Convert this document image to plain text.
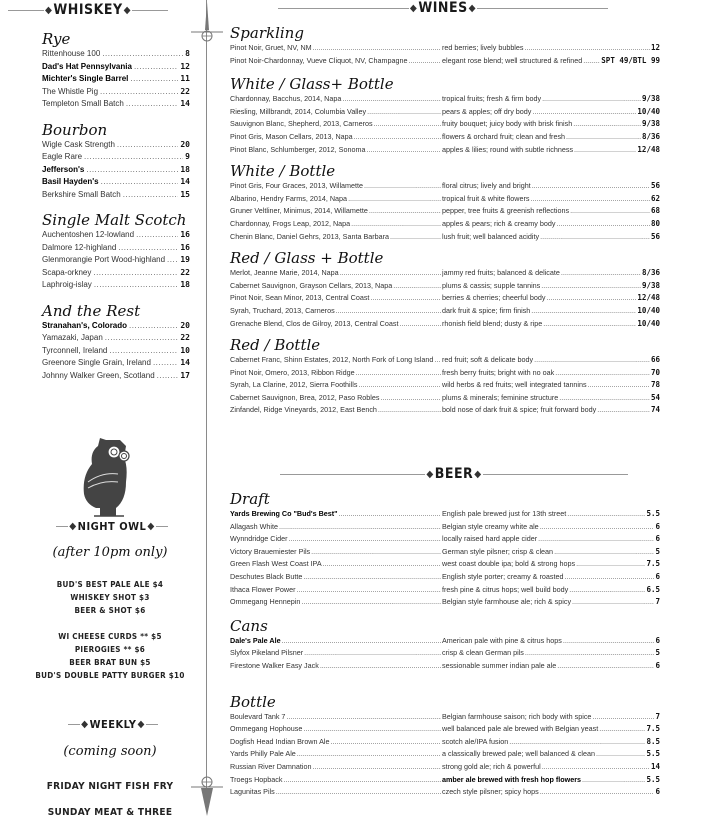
◆ WHISKEY ◆
Rye
Rittenhouse 100 .....	8
Dad's Hat Pennsylvania .....	12
Michter's Single Barrel .....	11
The Whistle Pig .....	22
Templeton Small Batch .....	14
Bourbon
Wigle Cask Strength .....	20
Eagle Rare .....	9
Jefferson's .....	18
Basil Hayden's .....	14
Berkshire Small Batch .....	15
Single Malt Scotch
Auchentoshen 12-lowland .....	16
Dalmore 12-highland .....	16
Glenmorangie Port Wood-highland ..... 19
Scapa-orkney .....	22
Laphroig-islay .....	18
And the Rest
Stranahan's, Colorado .....	20
Yamazaki, Japan .....	22
Tyrconnell, Ireland .....	10
Greenore Single Grain, Ireland .....	14
Johnny Walker Green, Scotland .....	17
◆ NIGHT OWL ◆
(after 10pm only)
BUD'S BEST PALE ALE $4
WHISKEY SHOT $3
BEER & SHOT $6
WI CHEESE CURDS ** $5
PIEROGIES ** $6
BEER BRAT BUN $5
BUD'S DOUBLE PATTY BURGER $10
◆ WEEKLY ◆
(coming soon)
FRIDAY NIGHT FISH FRY
SUNDAY MEAT & THREE
◆ WINES ◆
Sparkling
Pinot Noir, Gruet, NV, NM .....	red berries; lively bubbles .....	12
Pinot Noir-Chardonnay, Vueve Cliquot, NV, Champagne .....	elegant rose blend; well structured & refined .....	SPT 49/BTL 99
White / Glass+ Bottle
Chardonnay, Bacchus, 2014, Napa .....	tropical fruits; fresh & firm body .....	9/38
Riesling, Millbrandt, 2014, Columbia Valley .....	pears & apples; off dry body .....	10/40
Sauvignon Blanc, Shepherd, 2013, Carneros .....	fruity bouquet; juicy body with brisk finish .....	9/38
Pinot Gris, Mason Cellars, 2013, Napa .....	flowers & orchard fruit; clean and fresh .....	8/36
Pinot Blanc, Schlumberger, 2012, Sonoma .....	apples & lilies; round with subtle richness .....	12/48
White / Bottle
Pinot Gris, Four Graces, 2013, Willamette .....	floral citrus; lively and bright .....	56
Albarino, Hendry Farms, 2014, Napa .....	tropical fruit & white flowers .....	62
Gruner Veltliner, Minimus, 2014, Willamette .....	pepper, tree fruits & greenish reflections .....	68
Chardonnay, Frogs Leap, 2012, Napa .....	apples & pears; rich & creamy body .....	80
Chenin Blanc, Daniel Gehrs, 2013, Santa Barbara .....	lush fruit; well balanced acidity .....	56
Red / Glass + Bottle
Merlot, Jeanne Marie, 2014, Napa .....	jammy red fruits; balanced & delicate .....	8/36
Cabernet Sauvignon, Grayson Cellars, 2013, Napa .....	plums & cassis; supple tannins .....	9/38
Pinot Noir, Sean Minor, 2013, Central Coast .....	berries & cherries; cheerful body .....	12/48
Syrah, Truchard, 2013, Carneros .....	dark fruit & spice; firm finish .....	10/40
Grenache Blend, Clos de Gilroy, 2013, Central Coast .....	rhonish field blend; dusty & ripe .....	10/40
Red / Bottle
Cabernet Franc, Shinn Estates, 2012, North Fork of Long Island ..... red fruit; soft & delicate body .....	66
Pinot Noir, Omero, 2013, Ribbon Ridge .....	fresh berry fruits; bright with no oak .....	70
Syrah, La Clarine, 2012, Sierra Foothills .....	wild herbs & red fruits; well integrated tannins .....	78
Cabernet Sauvignon, Brea, 2012, Paso Robles .....	plums & minerals; feminine structure .....	54
Zinfandel, Ridge Vineyards, 2012, East Bench .....	bold nose of dark fruit & spice; fruit forward body .....	74
◆ BEER ◆
Draft
Yards Brewing Co "Bud's Best" .....	English pale brewed just for 13th street .....	5.5
Allagash White .....	Belgian style creamy white ale .....	6
Wynndridge Cider .....	locally raised hard apple cider .....	6
Victory Brauemiester Pils .....	German style pilsner; crisp & clean .....	5
Green Flash West Coast IPA .....	west coast double ipa; bold & strong hops .....	7.5
Deschutes Black Butte .....	English style porter; creamy & roasted .....	6
Ithaca Flower Power .....	fresh pine & citrus hops; well build body .....	6.5
Ommegang Hennepin .....	Belgian style farmhouse ale; rich & spicy .....	7
Cans
Dale's Pale Ale .....	American pale with pine & citrus hops .....	6
Slyfox Pikeland Pilsner .....	crisp & clean German pils .....	5
Firestone Walker Easy Jack .....	sessionable summer indian pale ale .....	6
Bottle
Boulevard Tank 7 .....	Belgian farmhouse saison; rich body with spice .....	7
Ommegang Hophouse .....	well balanced pale ale brewed with Belgian yeast .....	7.5
Dogfish Head Indian Brown Ale .....	scotch ale/IPA fusion .....	8.5
Yards Philly Pale Ale .....	a classically brewed pale; well balanced & clean .....	5.5
Russian River Damnation .....	strong gold ale; rich & powerful .....	14
Troegs Hopback .....	amber ale brewed with fresh hop flowers .....	5.5
Lagunitas Pils .....	czech style pilsner; spicy hops .....	6
